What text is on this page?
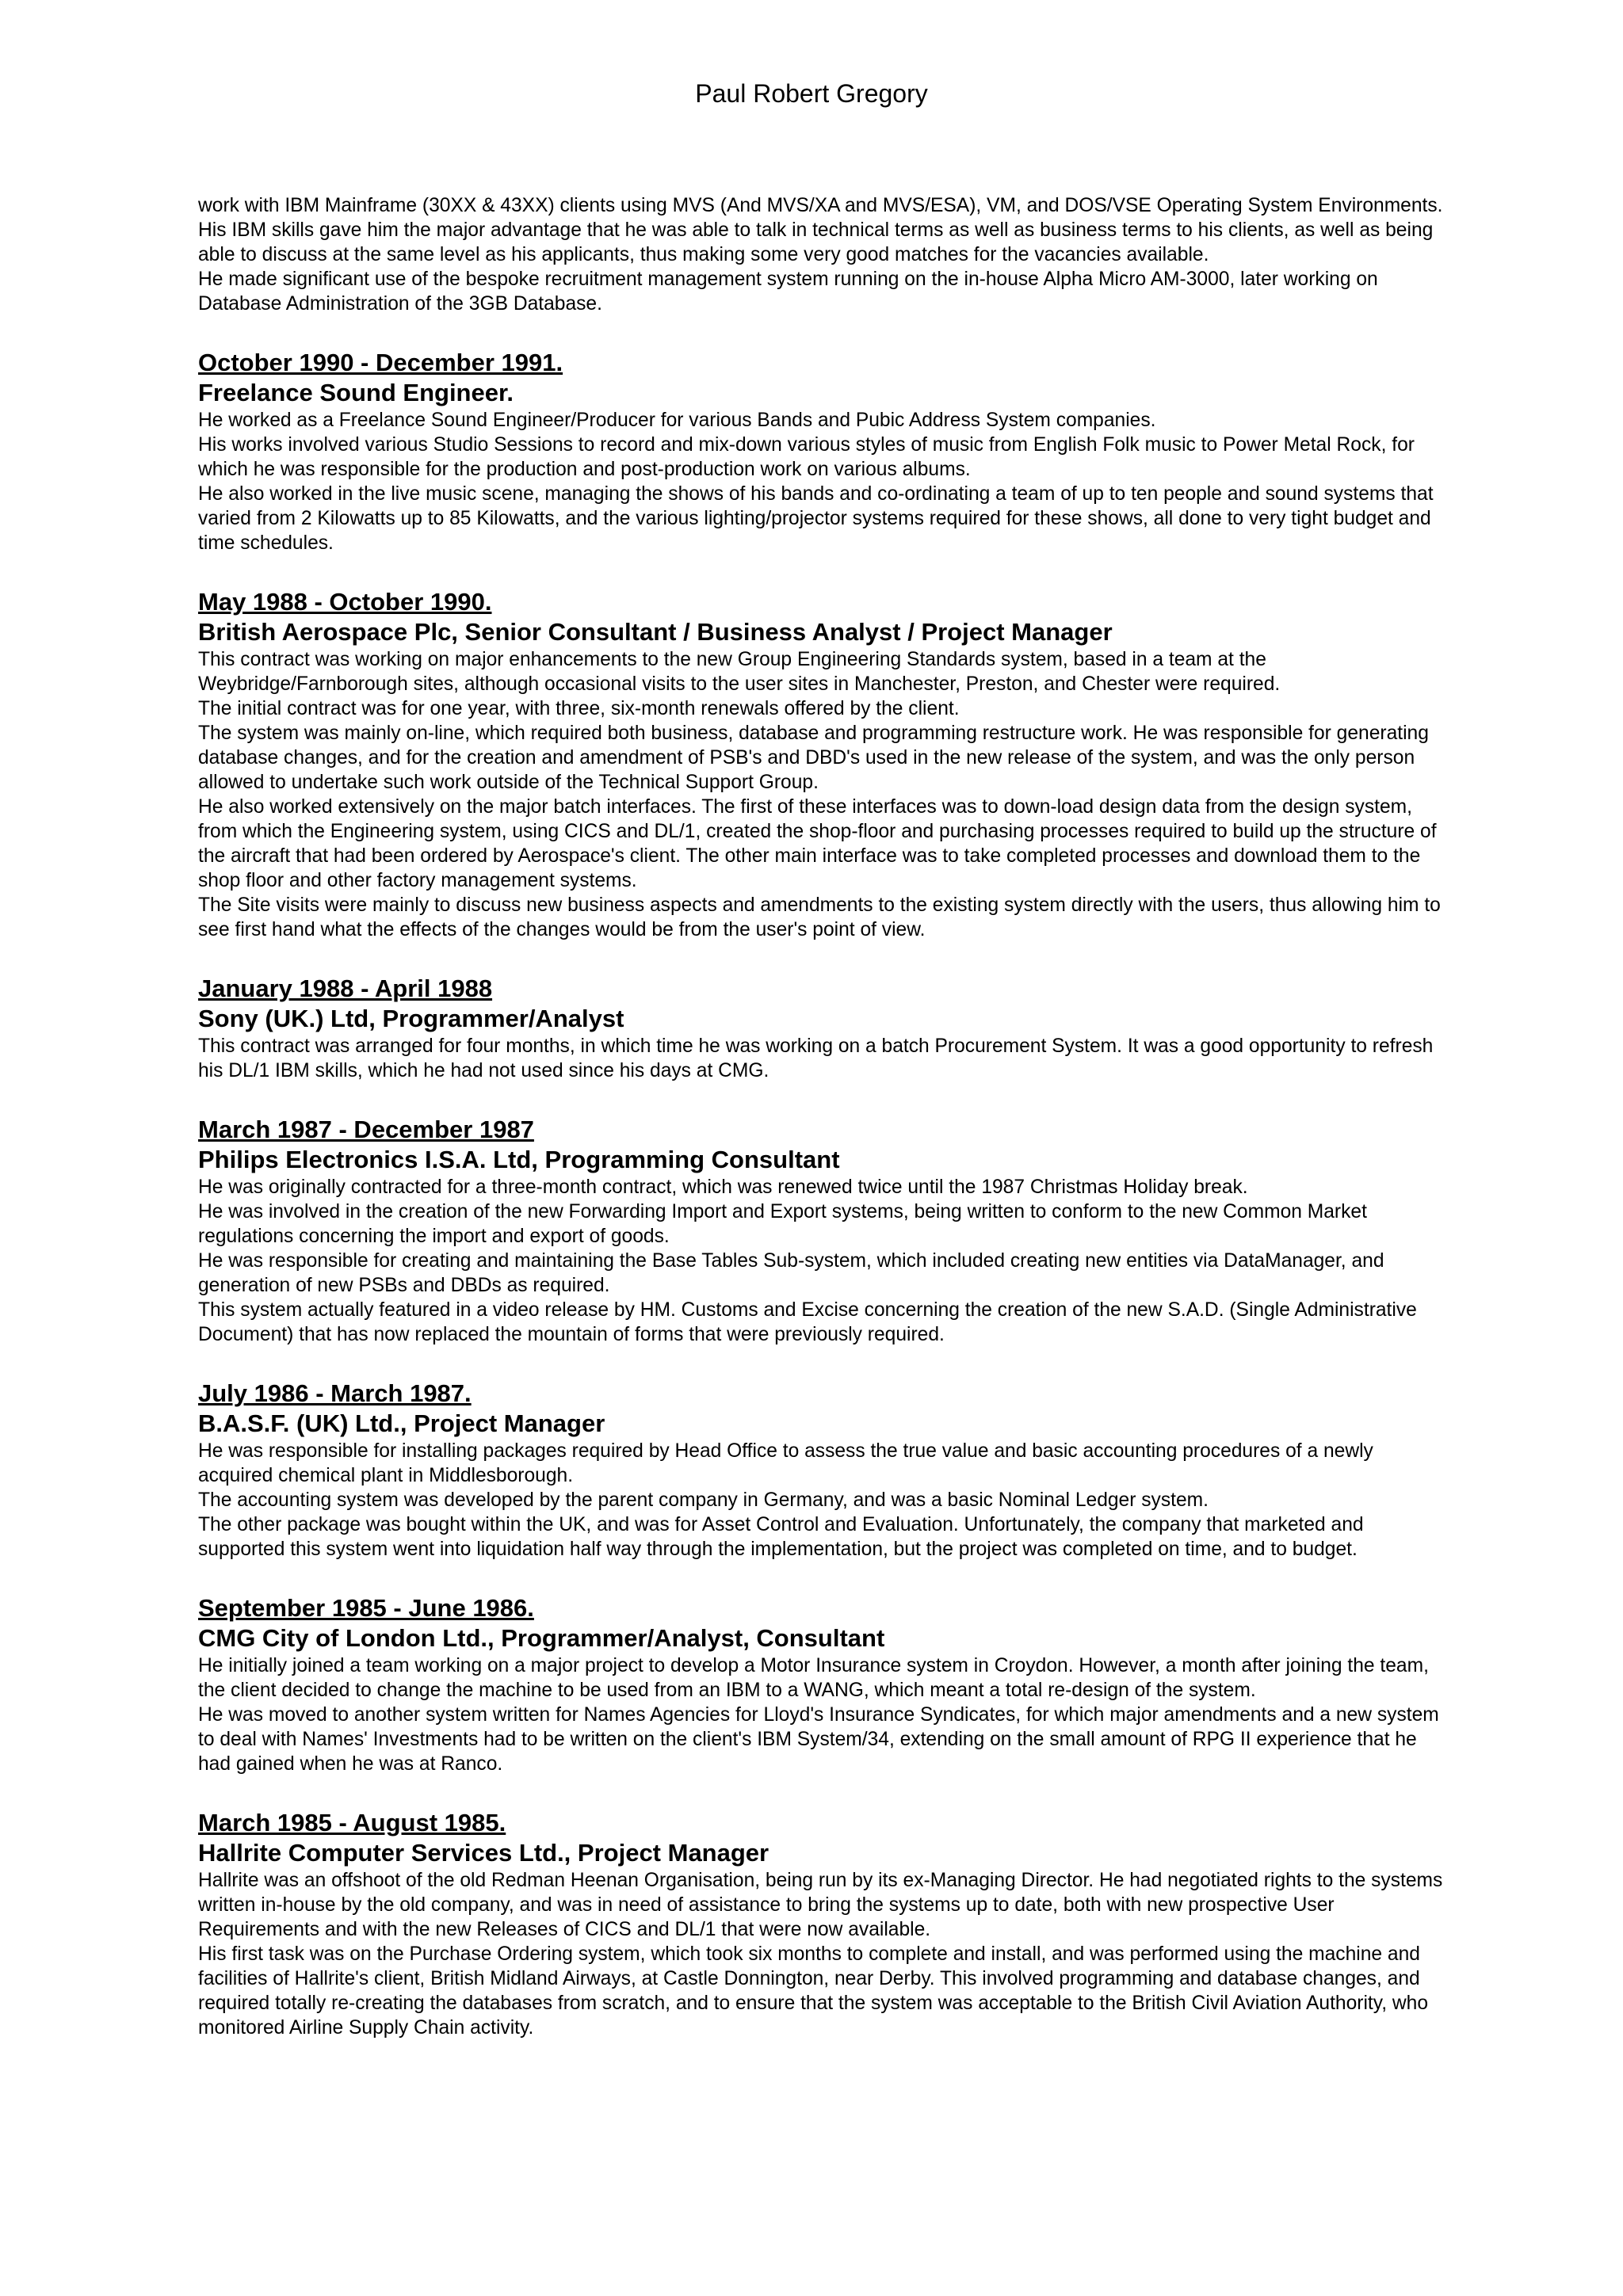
Paul Robert Gregory

work with IBM Mainframe (30XX & 43XX) clients using MVS (And MVS/XA and MVS/ESA), VM, and DOS/VSE Operating System Environments.

His IBM skills gave him the major advantage that he was able to talk in technical terms as well as business terms to his clients, as well as being able to discuss at the same level as his applicants, thus making some very good matches for the vacancies available.

He made significant use of the bespoke recruitment management system running on the in-house Alpha Micro AM-3000, later working on Database Administration of the 3GB Database.

October 1990 - December 1991.

Freelance Sound Engineer.

He worked as a Freelance Sound Engineer/Producer for various Bands and Pubic Address System companies.

His works involved various Studio Sessions to record and mix-down various styles of music from English Folk music to Power Metal Rock, for which he was responsible for the production and post-production work on various albums.

He also worked in the live music scene, managing the shows of his bands and co-ordinating a team of up to ten people and sound systems that varied from 2 Kilowatts up to 85 Kilowatts, and the various lighting/projector systems required for these shows, all done to very tight budget and time schedules.

May 1988 - October 1990.

British Aerospace Plc, Senior Consultant / Business Analyst / Project Manager

This contract was working on major enhancements to the new Group Engineering Standards system, based in a team at the Weybridge/Farnborough sites, although occasional visits to the user sites in Manchester, Preston, and Chester were required.

The initial contract was for one year, with three, six-month renewals offered by the client.

The system was mainly on-line, which required both business, database and programming restructure work. He was responsible for generating database changes, and for the creation and amendment of PSB's and DBD's used in the new release of the system, and was the only person allowed to undertake such work outside of the Technical Support Group.

He also worked extensively on the major batch interfaces. The first of these interfaces was to down-load design data from the design system, from which the Engineering system, using CICS and DL/1, created the shop-floor and purchasing processes required to build up the structure of the aircraft that had been ordered by Aerospace's client. The other main interface was to take completed processes and download them to the shop floor and other factory management systems.

The Site visits were mainly to discuss new business aspects and amendments to the existing system directly with the users, thus allowing him to see first hand what the effects of the changes would be from the user's point of view.

January 1988 - April 1988

Sony (UK.) Ltd, Programmer/Analyst

This contract was arranged for four months, in which time he was working on a batch Procurement System. It was a good opportunity to refresh his DL/1 IBM skills, which he had not used since his days at CMG.

March 1987 - December 1987

Philips Electronics I.S.A. Ltd, Programming Consultant

He was originally contracted for a three-month contract, which was renewed twice until the 1987 Christmas Holiday break.

He was involved in the creation of the new Forwarding Import and Export systems, being written to conform to the new Common Market regulations concerning the import and export of goods.

He was responsible for creating and maintaining the Base Tables Sub-system, which included creating new entities via DataManager, and generation of new PSBs and DBDs as required.

This system actually featured in a video release by HM. Customs and Excise concerning the creation of the new S.A.D. (Single Administrative Document) that has now replaced the mountain of forms that were previously required.

July 1986 - March 1987.

B.A.S.F. (UK) Ltd., Project Manager

He was responsible for installing packages required by Head Office to assess the true value and basic accounting procedures of a newly acquired chemical plant in Middlesborough.

The accounting system was developed by the parent company in Germany, and was a basic Nominal Ledger system.

The other package was bought within the UK, and was for Asset Control and Evaluation. Unfortunately, the company that marketed and supported this system went into liquidation half way through the implementation, but the project was completed on time, and to budget.

September 1985 - June 1986.

CMG City of London Ltd., Programmer/Analyst, Consultant

He initially joined a team working on a major project to develop a Motor Insurance system in Croydon. However, a month after joining the team, the client decided to change the machine to be used from an IBM to a WANG, which meant a total re-design of the system.

He was moved to another system written for Names Agencies for Lloyd's Insurance Syndicates, for which major amendments and a new system to deal with Names' Investments had to be written on the client's IBM System/34, extending on the small amount of RPG II experience that he had gained when he was at Ranco.

March 1985 - August 1985.

Hallrite Computer Services Ltd., Project Manager

Hallrite was an offshoot of the old Redman Heenan Organisation, being run by its ex-Managing Director. He had negotiated rights to the systems written in-house by the old company, and was in need of assistance to bring the systems up to date, both with new prospective User Requirements and with the new Releases of CICS and DL/1 that were now available.

His first task was on the Purchase Ordering system, which took six months to complete and install, and was performed using the machine and facilities of Hallrite's client, British Midland Airways, at Castle Donnington, near Derby. This involved programming and database changes, and required totally re-creating the databases from scratch, and to ensure that the system was acceptable to the British Civil Aviation Authority, who monitored Airline Supply Chain activity.
